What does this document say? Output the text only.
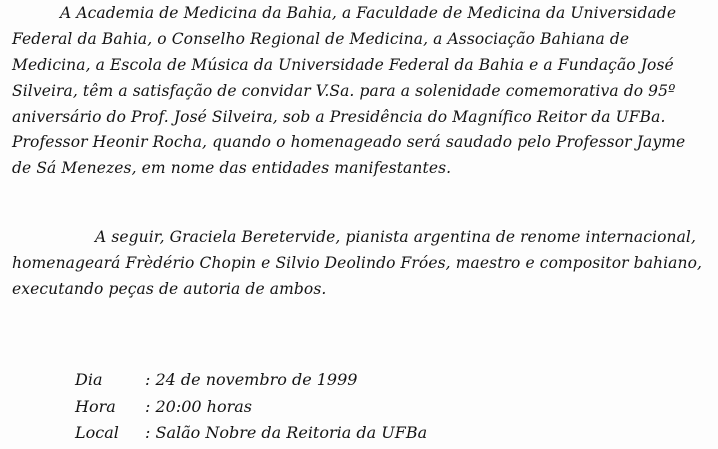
A Academia de Medicina da Bahia, a Faculdade de Medicina da Universidade
Federal da Bahia, o Conselho Regional de Medicina, a Associação Bahiana de
Medicina, a Escola de Música da Universidade Federal da Bahia e a Fundação José
Silveira, têm a satisfação de convidar V.Sa. para a solenidade comemorativa do 95º
aniversário do Prof. José Silveira, sob a Presidência do Magnífico Reitor da UFBa.
Professor Heonir Rocha, quando o homenageado será saudado pelo Professor Jayme
de Sá Menezes, em nome das entidades manifestantes.
A seguir, Graciela Beretervide, pianista argentina de renome internacional,
homenageará Frèdério Chopin e Silvio Deolindo Fróes, maestro e compositor bahiano,
executando peças de autoria de ambos.
Dia	: 24 de novembro de 1999
Hora : 20:00 horas
Local : Salão Nobre da Reitoria da UFBa
